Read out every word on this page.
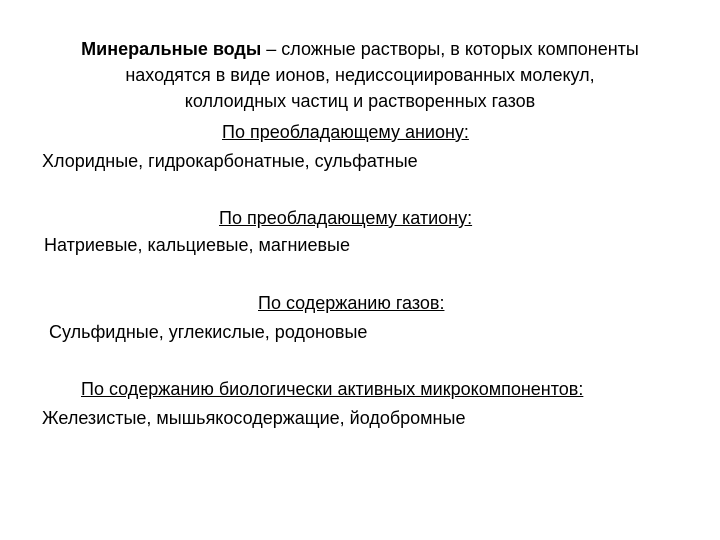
Минеральные воды – сложные растворы, в которых компоненты
находятся в виде ионов, недиссоциированных молекул,
коллоидных частиц и растворенных газов
По преобладающему аниону:
Хлоридные, гидрокарбонатные, сульфатные
По преобладающему катиону:
Натриевые, кальциевые, магниевые
По содержанию газов:
Сульфидные, углекислые, родоновые
По содержанию биологически активных микрокомпонентов:
Железистые, мышьякосодержащие, йодобромные
